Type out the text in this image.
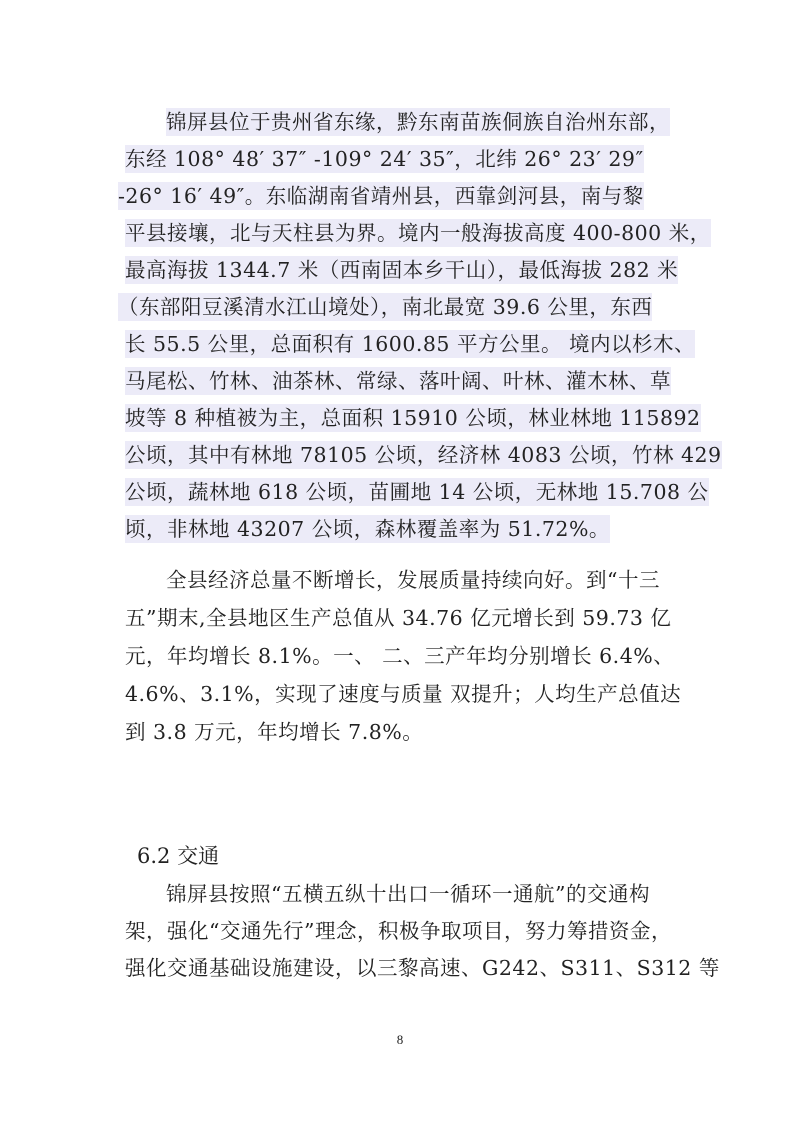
锦屏县位于贵州省东缘，黔东南苗族侗族自治州东部，
东经 108° 48′ 37″ -109° 24′ 35″，北纬 26° 23′ 29″
-26° 16′ 49″。东临湖南省靖州县，西靠剑河县，南与黎
平县接壤，北与天柱县为界。境内一般海拔高度 400-800 米，
最高海拔 1344.7 米（西南固本乡干山），最低海拔 282 米
（东部阳豆溪清水江山境处），南北最宽 39.6 公里，东西
长 55.5 公里，总面积有 1600.85 平方公里。 境内以杉木、
马尾松、竹林、油茶林、常绿、落叶阔、叶林、灌木林、草
坡等 8 种植被为主，总面积 15910 公顷，林业林地 115892
公顷，其中有林地 78105 公顷，经济林 4083 公顷，竹林 429
公顷，蔬林地 618 公顷，苗圃地 14 公顷，无林地 15.708 公
顷，非林地 43207 公顷，森林覆盖率为 51.72%。
全县经济总量不断增长，发展质量持续向好。到“十三
五”期末,全县地区生产总值从 34.76 亿元增长到 59.73 亿
元，年均增长 8.1%。一、 二、三产年均分别增长 6.4%、
4.6%、3.1%，实现了速度与质量 双提升；人均生产总值达
到 3.8 万元，年均增长 7.8%。
6.2 交通
锦屏县按照“五横五纵十出口一循环一通航”的交通构
架，强化“交通先行”理念，积极争取项目，努力筹措资金，
强化交通基础设施建设，以三黎高速、G242、S311、S312 等
8
